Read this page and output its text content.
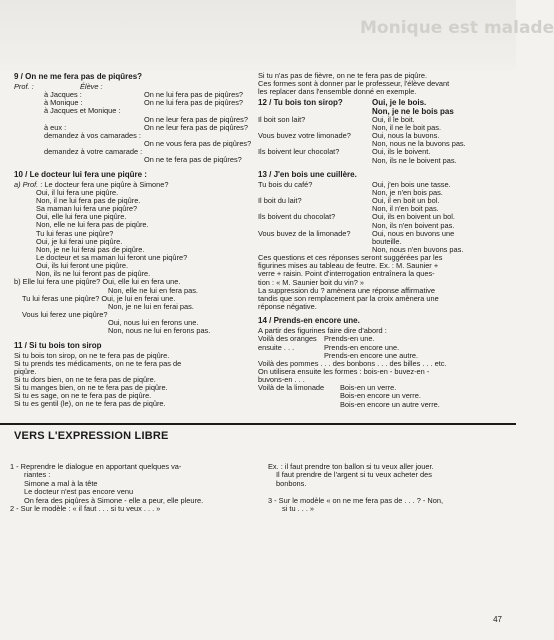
Monique est malade
9 / On ne me fera pas de piqûres?
Prof. :	Élève :
à Jacques :	On ne lui fera pas de piqûres?
à Monique :	On ne lui fera pas de piqûres?
à Jacques et Monique :
On ne leur fera pas de piqûres?
à eux :	On ne leur fera pas de piqûres?
demandez à vos camarades :
On ne vous fera pas de piqûres?
demandez à votre camarade :
On ne te fera pas de piqûres?
10 / Le docteur lui fera une piqûre :
a) Prof. : Le docteur fera une piqûre à Simone?
Oui, il lui fera une piqûre.
Non, il ne lui fera pas de piqûre.
Sa maman lui fera une piqûre?
Oui, elle lui fera une piqûre.
Non, elle ne lui fera pas de piqûre.
Tu lui feras une piqûre?
Oui, je lui ferai une piqûre.
Non, je ne lui ferai pas de piqûre.
Le docteur et sa maman lui feront une piqûre?
Oui, ils lui feront une piqûre.
Non, ils ne lui feront pas de piqûre.
b) Elle lui fera une piqûre? Oui, elle lui en fera une.
Non, elle ne lui en fera pas.
Tu lui feras une piqûre? Oui, je lui en ferai une.
Non, je ne lui en ferai pas.
Vous lui ferez une piqûre?
Oui, nous lui en ferons une.
Non, nous ne lui en ferons pas.
11 / Si tu bois ton sirop
Si tu bois ton sirop, on ne te fera pas de piqûre.
Si tu prends tes médicaments, on ne te fera pas de
piqûre.
Si tu dors bien, on ne te fera pas de piqûre.
Si tu manges bien, on ne te fera pas de piqûre.
Si tu es sage, on ne te fera pas de piqûre.
Si tu es gentil (le), on ne te fera pas de piqûre.
Si tu n'as pas de fièvre, on ne te fera pas de piqûre.
Ces formes sont à donner par le professeur, l'élève devant
les replacer dans l'ensemble donné en exemple.
12 / Tu bois ton sirop?	Oui, je le bois.
Non, je ne le bois pas
Il boit son lait?	Oui, il le boit.
Non, il ne le boit pas.
Vous buvez votre limonade?	Oui, nous la buvons.
Non, nous ne la buvons pas.
Ils boivent leur chocolat?	Oui, ils le boivent.
Non, ils ne le boivent pas.
13 / J'en bois une cuillère.
Tu bois du café?	Oui, j'en bois une tasse.
Non, je n'en bois pas.
Il boit du lait?	Oui, il en boit un bol.
Non, il n'en boit pas.
Ils boivent du chocolat?	Oui, ils en boivent un bol.
Non, ils n'en boivent pas.
Vous buvez de la limonade?	Oui, nous en buvons une
bouteille.
Non, nous n'en buvons pas.
Ces questions et ces réponses seront suggérées par les
figurines mises au tableau de feutre. Ex. : M. Saunier +
verre + raisin. Point d'interrogation entraînera la ques-
tion : « M. Saunier boit du vin? »
La suppression du ? amènera une réponse affirmative
tandis que son remplacement par la croix amènera une
réponse négative.
14 / Prends-en encore une.
A partir des figurines faire dire d'abord :
Voilà des oranges Prends-en une.
ensuite . . .	Prends-en encore une.
Prends-en encore une autre.
Voilà des pommes . . . des bonbons . . . des billes . . . etc.
On utilisera ensuite les formes : bois-en - buvez-en -
buvons-en . . .
Voilà de la limonade	Bois-en un verre.
Bois-en encore un verre.
Bois-en encore un autre verre.
VERS L'EXPRESSION LIBRE
1 - Reprendre le dialogue en apportant quelques va-
riantes :
Simone a mal à la tête
Le docteur n'est pas encore venu
On fera des piqûres à Simone - elle a peur, elle pleure.
2 - Sur le modèle : « il faut . . . si tu veux . . . »
Ex. : il faut prendre ton ballon si tu veux aller jouer.
Il faut prendre de l'argent si tu veux acheter des
bonbons.

3 - Sur le modèle « on ne me fera pas de . . . ? - Non,
si tu . . . »
47
